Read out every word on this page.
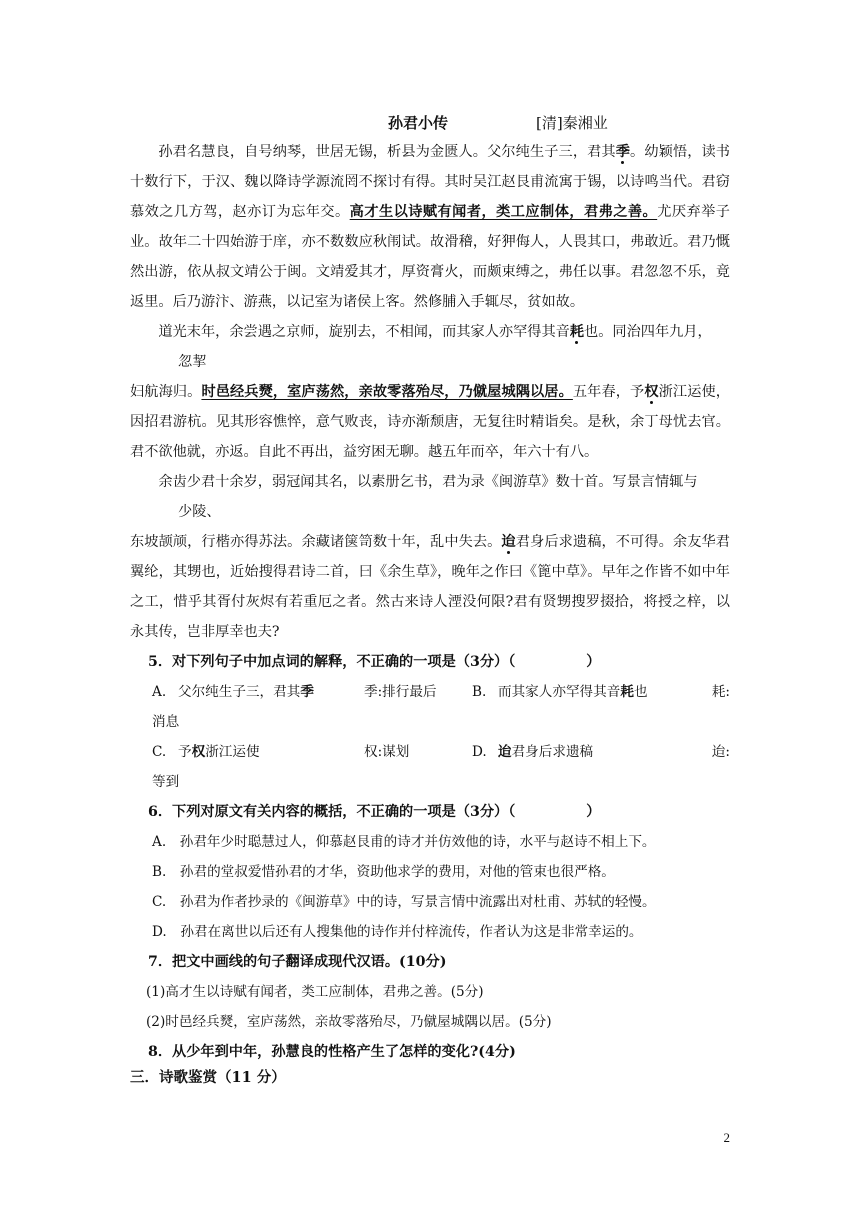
孙君小传	[清]秦湘业

孙君名慧良，自号纳琴，世居无锡，析县为金匮人。父尔纯生子三，君其季。幼颖悟，读书十数行下，于汉、魏以降诗学源流罔不探讨有得。其时吴江赵艮甫流寓于锡，以诗鸣当代。君窃慕效之几方驾，赵亦订为忘年交。高才生以诗赋有闻者，类工应制体，君弗之善。尤厌弃举子业。故年二十四始游于庠，亦不数数应秋闱试。故滑稽，好狎侮人，人畏其口，弗敢近。君乃慨然出游，依从叔文靖公于闽。文靖爱其才，厚资膏火，而颇束缚之，弗任以事。君忽忽不乐，竟返里。后乃游汴、游燕，以记室为诸侯上客。然修脯入手辄尽，贫如故。

道光末年，余尝遇之京师，旋别去，不相闻，而其家人亦罕得其音耗也。同治四年九月，

忽挈

妇航海归。时邑经兵燹，室庐荡然，亲故零落殆尽，乃僦屋城隅以居。五年春，予权浙江运使，因招君游杭。见其形容憔悴，意气败丧，诗亦渐颓唐，无复往时精诣矣。是秋，余丁母忧去官。君不欲他就，亦返。自此不再出，益穷困无聊。越五年而卒，年六十有八。

余齿少君十余岁，弱冠闻其名，以素册乞书，君为录《闽游草》数十首。写景言情辄与

少陵、

东坡颉颃，行楷亦得苏法。余藏诸箧笥数十年，乱中失去。迨君身后求遗稿，不可得。余友华君翼纶，其甥也，近始搜得君诗二首，曰《余生草》，晚年之作曰《篦中草》。早年之作皆不如中年之工，惜乎其胥付灰烬有若重厄之者。然古来诗人湮没何限?君有贤甥搜罗掇拾，将授之梓，以永其传，岂非厚幸也夫?

5．对下列句子中加点词的解释，不正确的一项是（3分）（　　　　　）

A. 父尔纯生子三，君其季	季:排行最后	B. 而其家人亦罕得其音耗也	耗:

消息

C. 予权浙江运使	权:谋划	D. 迨君身后求遗稿	迨:

等到

6．下列对原文有关内容的概括，不正确的一项是（3分）（　　　　　）

A.　孙君年少时聪慧过人，仰慕赵艮甫的诗才并仿效他的诗，水平与赵诗不相上下。

B.　孙君的堂叔爱惜孙君的才华，资助他求学的费用，对他的管束也很严格。

C.　孙君为作者抄录的《闽游草》中的诗，写景言情中流露出对杜甫、苏轼的轻慢。

D.　孙君在离世以后还有人搜集他的诗作并付梓流传，作者认为这是非常幸运的。

7．把文中画线的句子翻译成现代汉语。(10分)

(1)高才生以诗赋有闻者，类工应制体，君弗之善。(5分)

(2)时邑经兵燹，室庐荡然，亲故零落殆尽，乃僦屋城隅以居。(5分)

8．从少年到中年，孙慧良的性格产生了怎样的变化?(4分)

三．诗歌鉴赏（11 分）
2
